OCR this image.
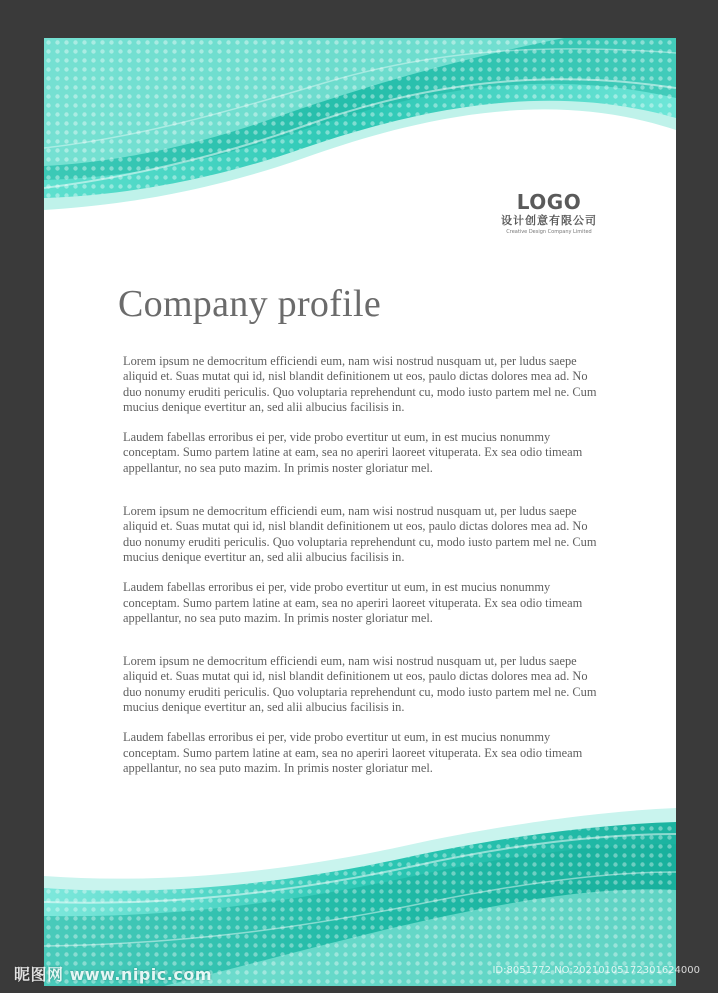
LOGO
设计创意有限公司
Creative Design Company Limited
Company profile

Lorem ipsum ne democritum efficiendi eum, nam wisi nostrud nusquam ut, per ludus saepe aliquid et. Suas mutat qui id, nisl blandit definitionem ut eos, paulo dictas dolores mea ad. No duo nonumy eruditi periculis. Quo voluptaria reprehendunt cu, modo iusto partem mel ne. Cum mucius denique evertitur an, sed alii albucius facilisis in.

Laudem fabellas erroribus ei per, vide probo evertitur ut eum, in est mucius nonummy conceptam. Sumo partem latine at eam, sea no aperiri laoreet vituperata. Ex sea odio timeam appellantur, no sea puto mazim. In primis noster gloriatur mel.

Lorem ipsum ne democritum efficiendi eum, nam wisi nostrud nusquam ut, per ludus saepe aliquid et. Suas mutat qui id, nisl blandit definitionem ut eos, paulo dictas dolores mea ad. No duo nonumy eruditi periculis. Quo voluptaria reprehendunt cu, modo iusto partem mel ne. Cum mucius denique evertitur an, sed alii albucius facilisis in.

Laudem fabellas erroribus ei per, vide probo evertitur ut eum, in est mucius nonummy conceptam. Sumo partem latine at eam, sea no aperiri laoreet vituperata. Ex sea odio timeam appellantur, no sea puto mazim. In primis noster gloriatur mel.

Lorem ipsum ne democritum efficiendi eum, nam wisi nostrud nusquam ut, per ludus saepe aliquid et. Suas mutat qui id, nisl blandit definitionem ut eos, paulo dictas dolores mea ad. No duo nonumy eruditi periculis. Quo voluptaria reprehendunt cu, modo iusto partem mel ne. Cum mucius denique evertitur an, sed alii albucius facilisis in.

Laudem fabellas erroribus ei per, vide probo evertitur ut eum, in est mucius nonummy conceptam. Sumo partem latine at eam, sea no aperiri laoreet vituperata. Ex sea odio timeam appellantur, no sea puto mazim. In primis noster gloriatur mel.

昵图网 www.nipic.com	ID:8051772 NO:20210105172301624000
